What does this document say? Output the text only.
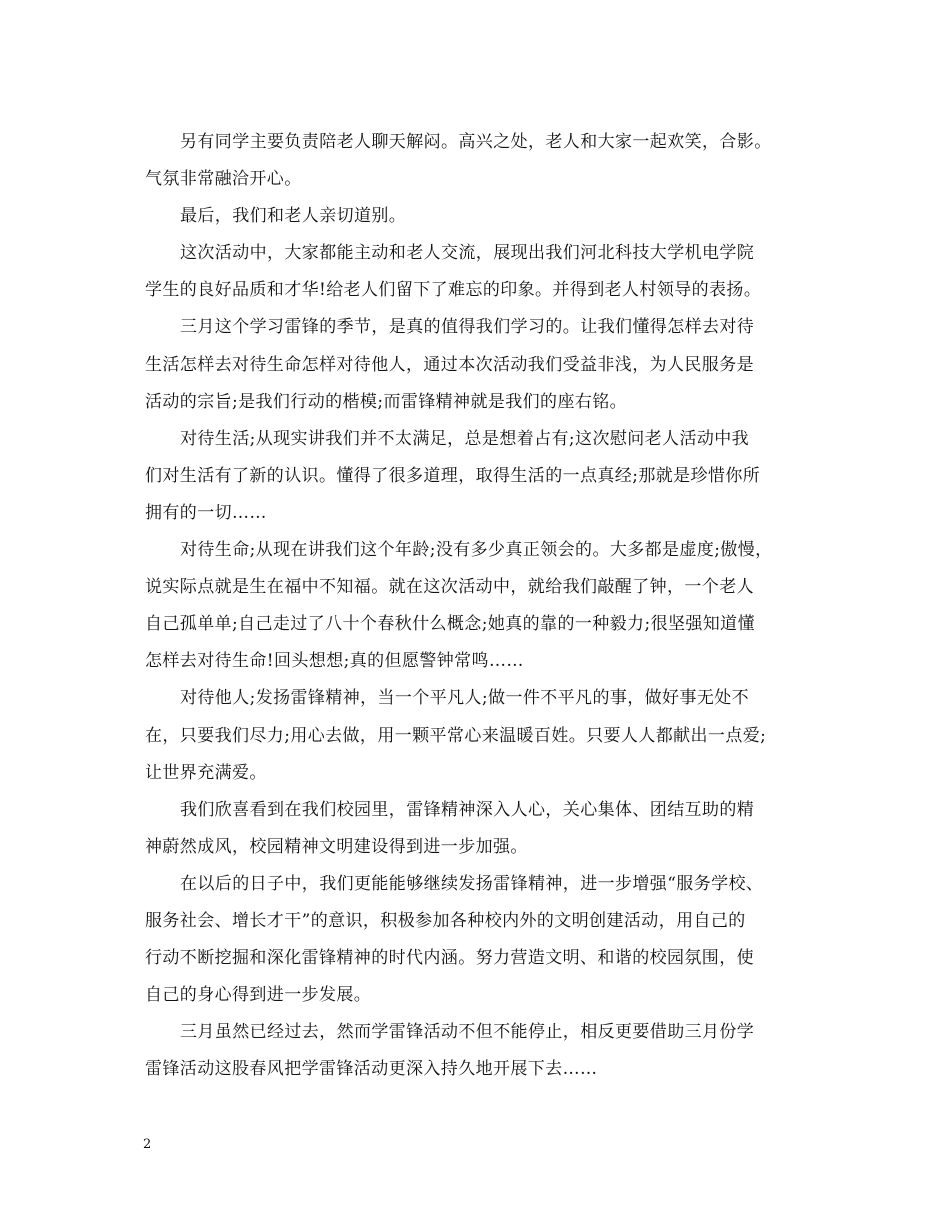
另有同学主要负责陪老人聊天解闷。高兴之处，老人和大家一起欢笑，合影。
气氛非常融洽开心。
最后，我们和老人亲切道别。
这次活动中，大家都能主动和老人交流，展现出我们河北科技大学机电学院
学生的良好品质和才华!给老人们留下了难忘的印象。并得到老人村领导的表扬。
三月这个学习雷锋的季节，是真的值得我们学习的。让我们懂得怎样去对待
生活怎样去对待生命怎样对待他人，通过本次活动我们受益非浅，为人民服务是
活动的宗旨;是我们行动的楷模;而雷锋精神就是我们的座右铭。
对待生活;从现实讲我们并不太满足，总是想着占有;这次慰问老人活动中我
们对生活有了新的认识。懂得了很多道理，取得生活的一点真经;那就是珍惜你所
拥有的一切……
对待生命;从现在讲我们这个年龄;没有多少真正领会的。大多都是虚度;傲慢，
说实际点就是生在福中不知福。就在这次活动中，就给我们敲醒了钟，一个老人
自己孤单单;自己走过了八十个春秋什么概念;她真的靠的一种毅力;很坚强知道懂
怎样去对待生命!回头想想;真的但愿警钟常鸣……
对待他人;发扬雷锋精神，当一个平凡人;做一件不平凡的事，做好事无处不
在，只要我们尽力;用心去做，用一颗平常心来温暖百姓。只要人人都献出一点爱;
让世界充满爱。
我们欣喜看到在我们校园里，雷锋精神深入人心，关心集体、团结互助的精
神蔚然成风，校园精神文明建设得到进一步加强。
在以后的日子中，我们更能能够继续发扬雷锋精神，进一步增强“服务学校、
服务社会、增长才干”的意识，积极参加各种校内外的文明创建活动，用自己的
行动不断挖掘和深化雷锋精神的时代内涵。努力营造文明、和谐的校园氛围，使
自己的身心得到进一步发展。
三月虽然已经过去，然而学雷锋活动不但不能停止，相反更要借助三月份学
雷锋活动这股春风把学雷锋活动更深入持久地开展下去……
2
